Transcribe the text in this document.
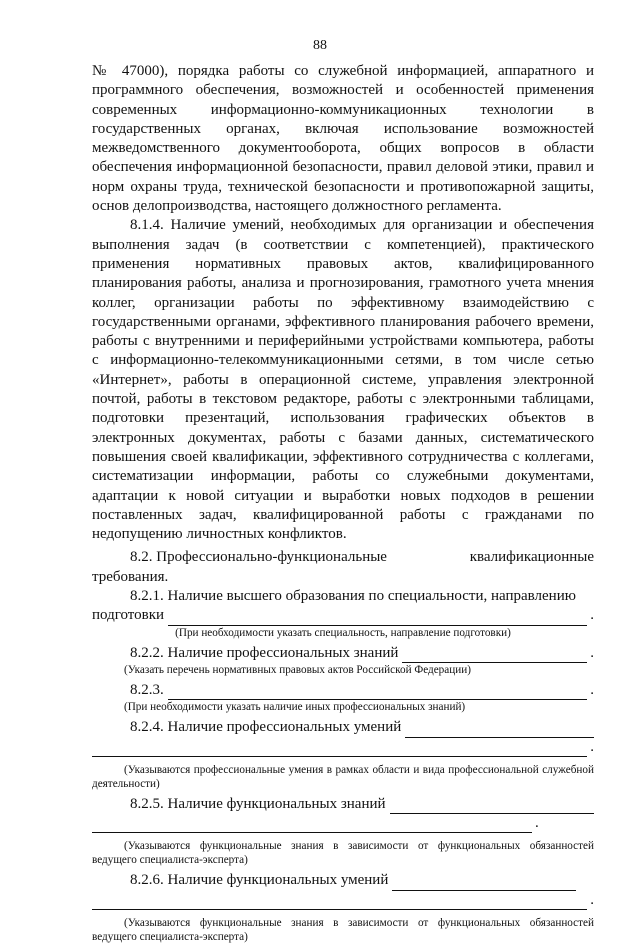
88

№ 47000), порядка работы со служебной информацией, аппаратного и программного обеспечения, возможностей и особенностей применения современных информационно-коммуникационных технологии в государственных органах, включая использование возможностей межведомственного документооборота, общих вопросов в области обеспечения информационной безопасности, правил деловой этики, правил и норм охраны труда, технической безопасности и противопожарной защиты, основ делопроизводства, настоящего должностного регламента.

8.1.4. Наличие умений, необходимых для организации и обеспечения выполнения задач (в соответствии с компетенцией), практического применения нормативных правовых актов, квалифицированного планирования работы, анализа и прогнозирования, грамотного учета мнения коллег, организации работы по эффективному взаимодействию с государственными органами, эффективного планирования рабочего времени, работы с внутренними и периферийными устройствами компьютера, работы с информационно-телекоммуникационными сетями, в том числе сетью «Интернет», работы в операционной системе, управления электронной почтой, работы в текстовом редакторе, работы с электронными таблицами, подготовки презентаций, использования графических объектов в электронных документах, работы с базами данных, систематического повышения своей квалификации, эффективного сотрудничества с коллегами, систематизации информации, работы со служебными документами, адаптации к новой ситуации и выработки новых подходов в решении поставленных задач, квалифицированной работы с гражданами по недопущению личностных конфликтов.

8.2. Профессионально-функциональные	квалификационные
требования.
8.2.1. Наличие высшего образования по специальности, направлению
подготовки	.
(При необходимости указать специальность, направление подготовки)
8.2.2. Наличие профессиональных знаний	.
(Указать перечень нормативных правовых актов Российской Федерации)
8.2.3.	.
(При необходимости указать наличие иных профессиональных знаний)
8.2.4. Наличие профессиональных умений
.
(Указываются профессиональные умения в рамках области и вида профессиональной служебной деятельности)
8.2.5. Наличие функциональных знаний
.
(Указываются функциональные знания в зависимости от функциональных обязанностей ведущего специалиста-эксперта)
8.2.6. Наличие функциональных умений
.
(Указываются функциональные знания в зависимости от функциональных обязанностей ведущего специалиста-эксперта)
